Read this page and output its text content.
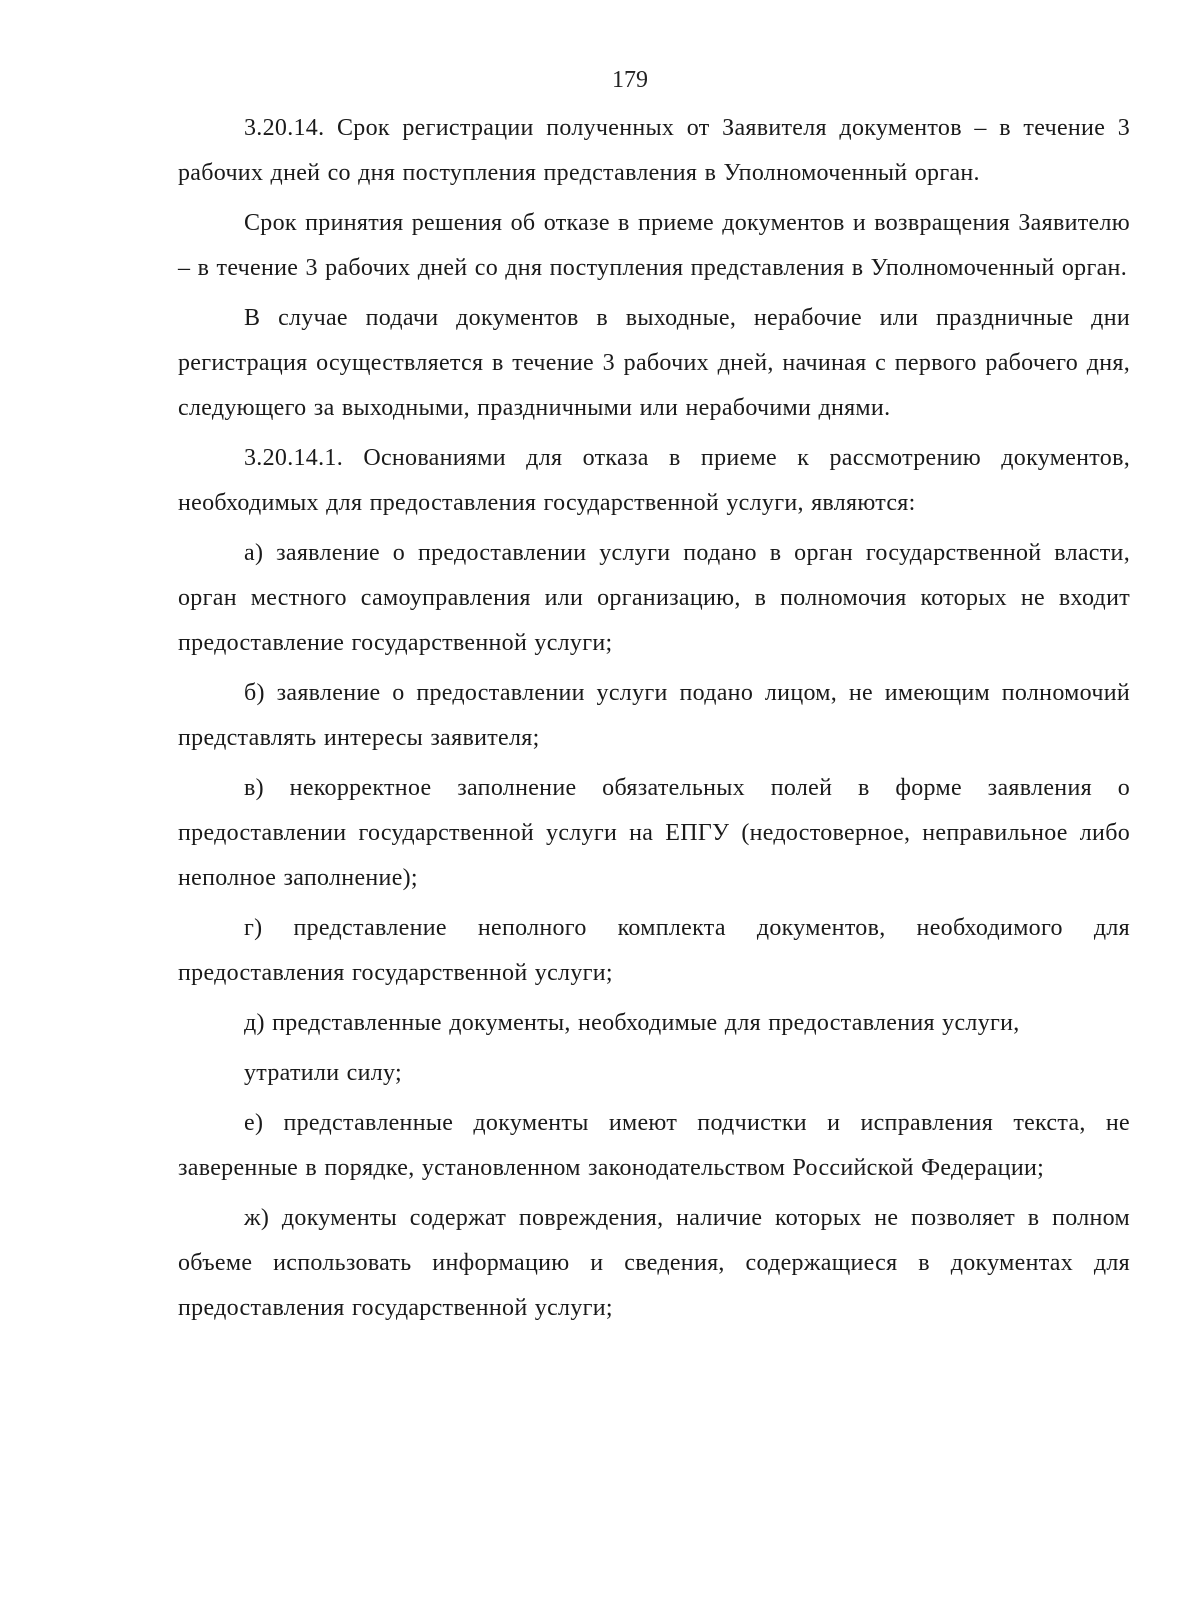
179

3.20.14. Срок регистрации полученных от Заявителя документов – в течение 3 рабочих дней со дня поступления представления в Уполномоченный орган.

Срок принятия решения об отказе в приеме документов и возвращения Заявителю – в течение 3 рабочих дней со дня поступления представления в Уполномоченный орган.

В случае подачи документов в выходные, нерабочие или праздничные дни регистрация осуществляется в течение 3 рабочих дней, начиная с первого рабочего дня, следующего за выходными, праздничными или нерабочими днями.

3.20.14.1. Основаниями для отказа в приеме к рассмотрению документов, необходимых для предоставления государственной услуги, являются:

а) заявление о предоставлении услуги подано в орган государственной власти, орган местного самоуправления или организацию, в полномочия которых не входит предоставление государственной услуги;

б) заявление о предоставлении услуги подано лицом, не имеющим полномочий представлять интересы заявителя;

в) некорректное заполнение обязательных полей в форме заявления о предоставлении государственной услуги на ЕПГУ (недостоверное, неправильное либо неполное заполнение);

г) представление неполного комплекта документов, необходимого для предоставления государственной услуги;

д) представленные документы, необходимые для предоставления услуги,

утратили силу;

е) представленные документы имеют подчистки и исправления текста, не заверенные в порядке, установленном законодательством Российской Федерации;

ж) документы содержат повреждения, наличие которых не позволяет в полном объеме использовать информацию и сведения, содержащиеся в документах для предоставления государственной услуги;
